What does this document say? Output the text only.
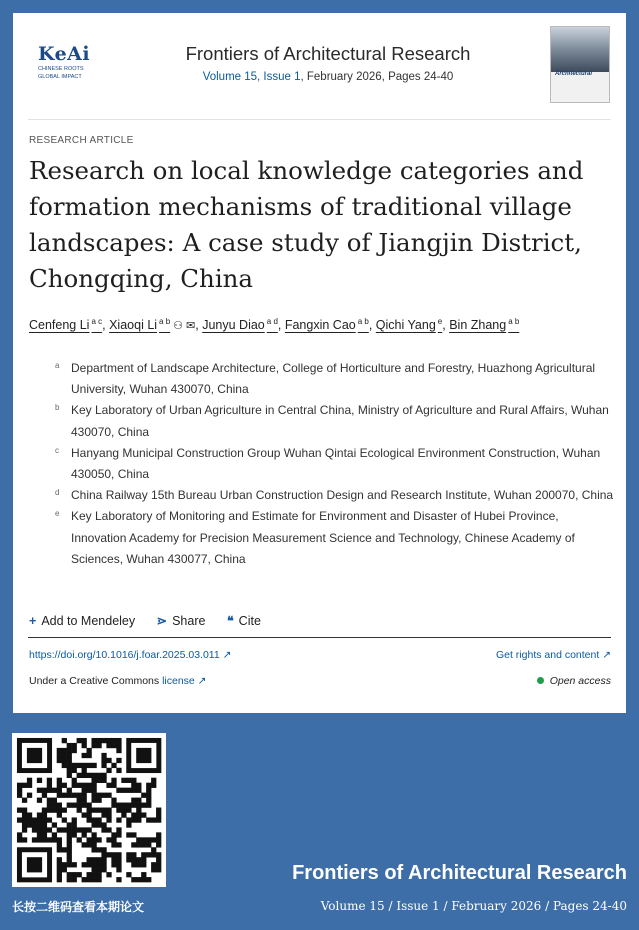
KeAi
CHINESE ROOTS
GLOBAL IMPACT
Frontiers of Architectural Research
Volume 15, Issue 1, February 2026, Pages 24-40	Architectural
RESEARCH ARTICLE
Research on local knowledge categories and formation mechanisms of traditional village landscapes: A case study of Jiangjin District, Chongqing, China
Cenfeng Li $^{a c}$, Xiaoqi Li $^{a b}$ ⚇ ✉, Junyu Diao $^{a d}$, Fangxin Cao $^{a b}$, Qichi Yang $^e$, Bin Zhang $^{a b}$
a Department of Landscape Architecture, College of Horticulture and Forestry, Huazhong Agricultural University, Wuhan 430070, China
b Key Laboratory of Urban Agriculture in Central China, Ministry of Agriculture and Rural Affairs, Wuhan 430070, China
c Hanyang Municipal Construction Group Wuhan Qintai Ecological Environment Construction, Wuhan 430050, China
d China Railway 15th Bureau Urban Construction Design and Research Institute, Wuhan 200070, China
e Key Laboratory of Monitoring and Estimate for Environment and Disaster of Hubei Province, Innovation Academy for Precision Measurement Science and Technology, Chinese Academy of Sciences, Wuhan 430077, China
+ Add to Mendeley ⋗ Share ❝ Cite
https://doi.org/10.1016/j.foar.2025.03.011 ↗	Get rights and content ↗
Under a Creative Commons license ↗	Open access
长按二维码查看本期论文
Frontiers of Architectural Research
Volume 15 / Issue 1 / February 2026 / Pages 24-40
